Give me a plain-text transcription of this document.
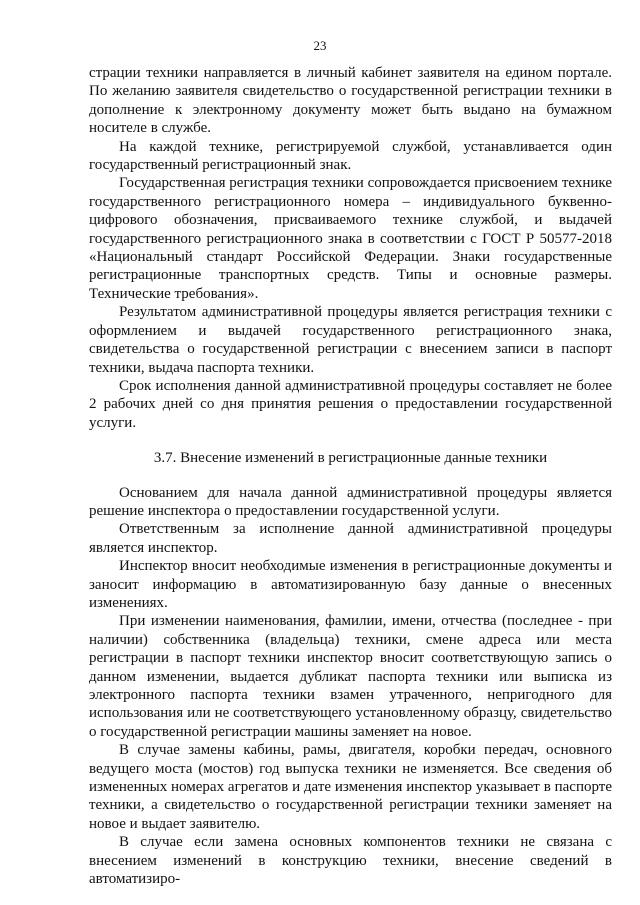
23

страции техники направляется в личный кабинет заявителя на едином портале. По желанию заявителя свидетельство о государственной регистрации техники в дополнение к электронному документу может быть выдано на бумажном носителе в службе.

На каждой технике, регистрируемой службой, устанавливается один государственный регистрационный знак.

Государственная регистрация техники сопровождается присвоением технике государственного регистрационного номера – индивидуального буквенно-цифрового обозначения, присваиваемого технике службой, и выдачей государственного регистрационного знака в соответствии с ГОСТ Р 50577-2018 «Национальный стандарт Российской Федерации. Знаки государственные регистрационные транспортных средств. Типы и основные размеры. Технические требования».

Результатом административной процедуры является регистрация техники с оформлением и выдачей государственного регистрационного знака, свидетельства о государственной регистрации с внесением записи в паспорт техники, выдача паспорта техники.

Срок исполнения данной административной процедуры составляет не более 2 рабочих дней со дня принятия решения о предоставлении государственной услуги.

3.7. Внесение изменений в регистрационные данные техники

Основанием для начала данной административной процедуры является решение инспектора о предоставлении государственной услуги.

Ответственным за исполнение данной административной процедуры является инспектор.

Инспектор вносит необходимые изменения в регистрационные документы и заносит информацию в автоматизированную базу данные о внесенных изменениях.

При изменении наименования, фамилии, имени, отчества (последнее - при наличии) собственника (владельца) техники, смене адреса или места регистрации в паспорт техники инспектор вносит соответствующую запись о данном изменении, выдается дубликат паспорта техники или выписка из электронного паспорта техники взамен утраченного, непригодного для использования или не соответствующего установленному образцу, свидетельство о государственной регистрации машины заменяет на новое.

В случае замены кабины, рамы, двигателя, коробки передач, основного ведущего моста (мостов) год выпуска техники не изменяется. Все сведения об измененных номерах агрегатов и дате изменения инспектор указывает в паспорте техники, а свидетельство о государственной регистрации техники заменяет на новое и выдает заявителю.

В случае если замена основных компонентов техники не связана с внесением изменений в конструкцию техники, внесение сведений в автоматизиро-
